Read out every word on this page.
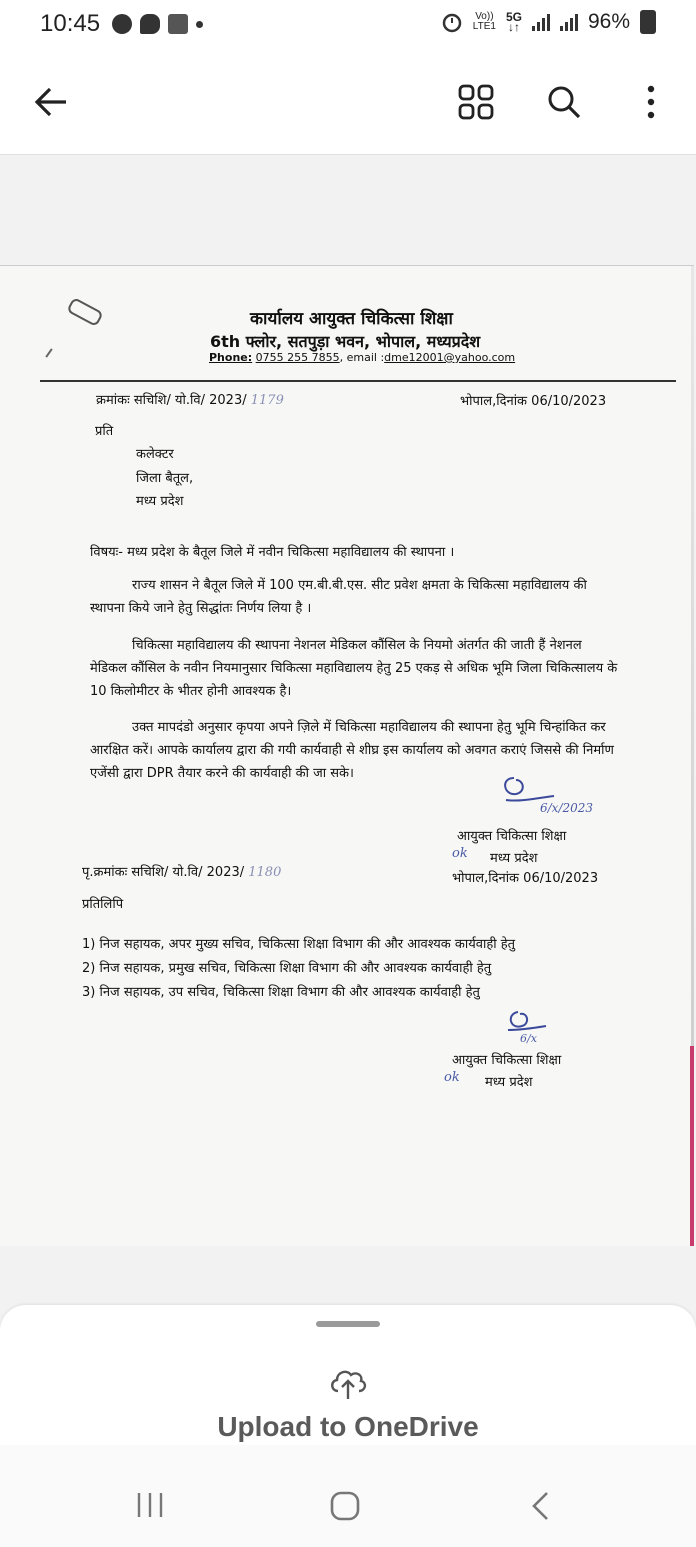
10:45	Vo))
LTE1
5G
↓↑	96%
कार्यालय आयुक्त चिकित्सा शिक्षा
6th फ्लोर, सतपुड़ा भवन, भोपाल, मध्यप्रदेश
Phone: 0755 255 7855, email :dme12001@yahoo.com
क्रमांकः सचिशि/ यो.वि/ 2023/ 1179	भोपाल,दिनांक 06/10/2023
प्रति
कलेक्टर
जिला बैतूल,
मध्य प्रदेश
विषयः- मध्य प्रदेश के बैतूल जिले में नवीन चिकित्सा महाविद्यालय की स्थापना ।
राज्य शासन ने बैतूल जिले में 100 एम.बी.बी.एस. सीट प्रवेश क्षमता के चिकित्सा महाविद्यालय की स्थापना किये जाने हेतु सिद्धांतः निर्णय लिया है ।
चिकित्सा महाविद्यालय की स्थापना नेशनल मेडिकल कौंसिल के नियमो अंतर्गत की जाती हैं नेशनल मेडिकल कौंसिल के नवीन नियमानुसार चिकित्सा महाविद्यालय हेतु 25 एकड़ से अधिक भूमि जिला चिकित्सालय के 10 किलोमीटर के भीतर होनी आवश्यक है।
उक्त मापदंडो अनुसार कृपया अपने ज़िले में चिकित्सा महाविद्यालय की स्थापना हेतु भूमि चिन्हांकित कर आरक्षित करें। आपके कार्यालय द्वारा की गयी कार्यवाही से शीघ्र इस कार्यालय को अवगत कराएं जिससे की निर्माण एजेंसी द्वारा DPR तैयार करने की कार्यवाही की जा सके।
6/x/2023
आयुक्त चिकित्सा शिक्षा
ok मध्य प्रदेश
पृ.क्रमांकः सचिशि/ यो.वि/ 2023/ 1180	भोपाल,दिनांक 06/10/2023
प्रतिलिपि
1) निज सहायक, अपर मुख्य सचिव, चिकित्सा शिक्षा विभाग की और आवश्यक कार्यवाही हेतु
2) निज सहायक, प्रमुख सचिव, चिकित्सा शिक्षा विभाग की और आवश्यक कार्यवाही हेतु
3) निज सहायक, उप सचिव, चिकित्सा शिक्षा विभाग की और आवश्यक कार्यवाही हेतु
6/x
आयुक्त चिकित्सा शिक्षा
ok मध्य प्रदेश
Upload to OneDrive
